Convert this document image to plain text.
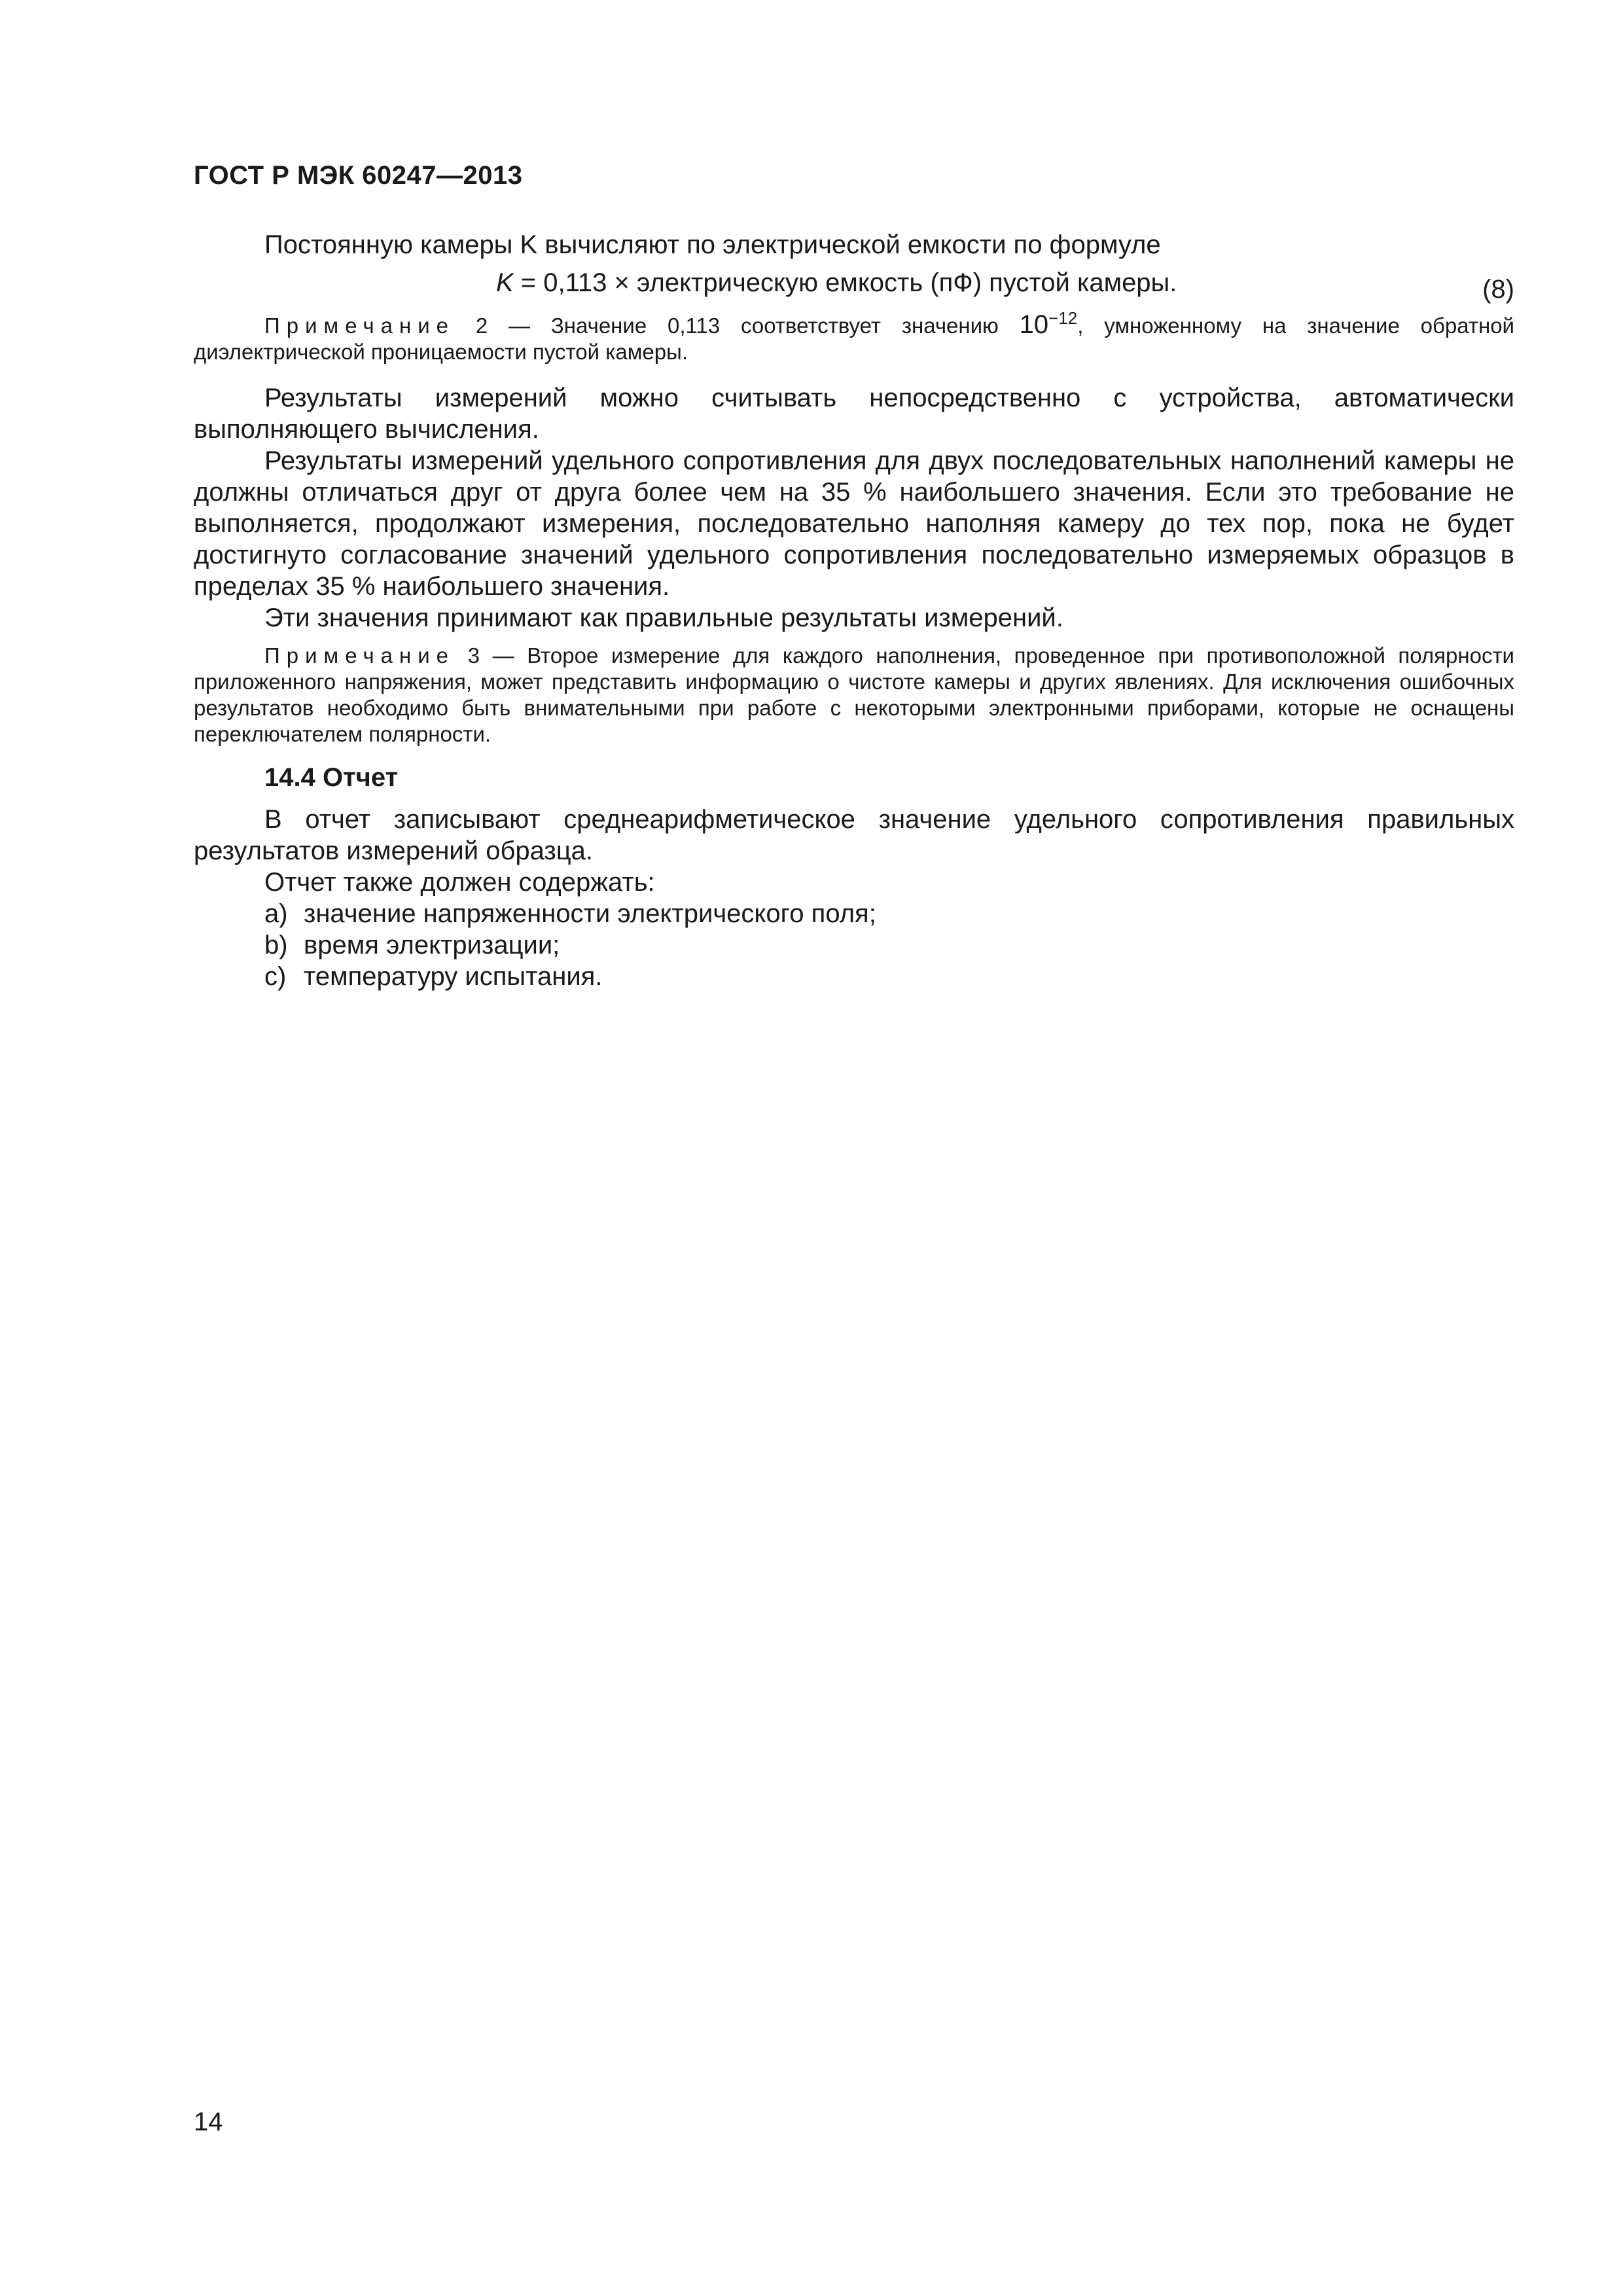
ГОСТ Р МЭК 60247—2013

Постоянную камеры K вычисляют по электрической емкости по формуле

K = 0,113 × электрическую емкость (пФ) пустой камеры.	(8)

Примечание 2 — Значение 0,113 соответствует значению $10^{-12}$, умноженному на значение обратной диэлектрической проницаемости пустой камеры.

Результаты измерений можно считывать непосредственно с устройства, автоматически выполняющего вычисления.

Результаты измерений удельного сопротивления для двух последовательных наполнений камеры не должны отличаться друг от друга более чем на 35 % наибольшего значения. Если это требование не выполняется, продолжают измерения, последовательно наполняя камеру до тех пор, пока не будет достигнуто согласование значений удельного сопротивления последовательно измеряемых образцов в пределах 35 % наибольшего значения.

Эти значения принимают как правильные результаты измерений.

Примечание 3 — Второе измерение для каждого наполнения, проведенное при противоположной полярности приложенного напряжения, может представить информацию о чистоте камеры и других явлениях. Для исключения ошибочных результатов необходимо быть внимательными при работе с некоторыми электронными приборами, которые не оснащены переключателем полярности.

14.4 Отчет

В отчет записывают среднеарифметическое значение удельного сопротивления правильных результатов измерений образца.

Отчет также должен содержать:

a) значение напряженности электрического поля;
b) время электризации;
c) температуру испытания.
14
